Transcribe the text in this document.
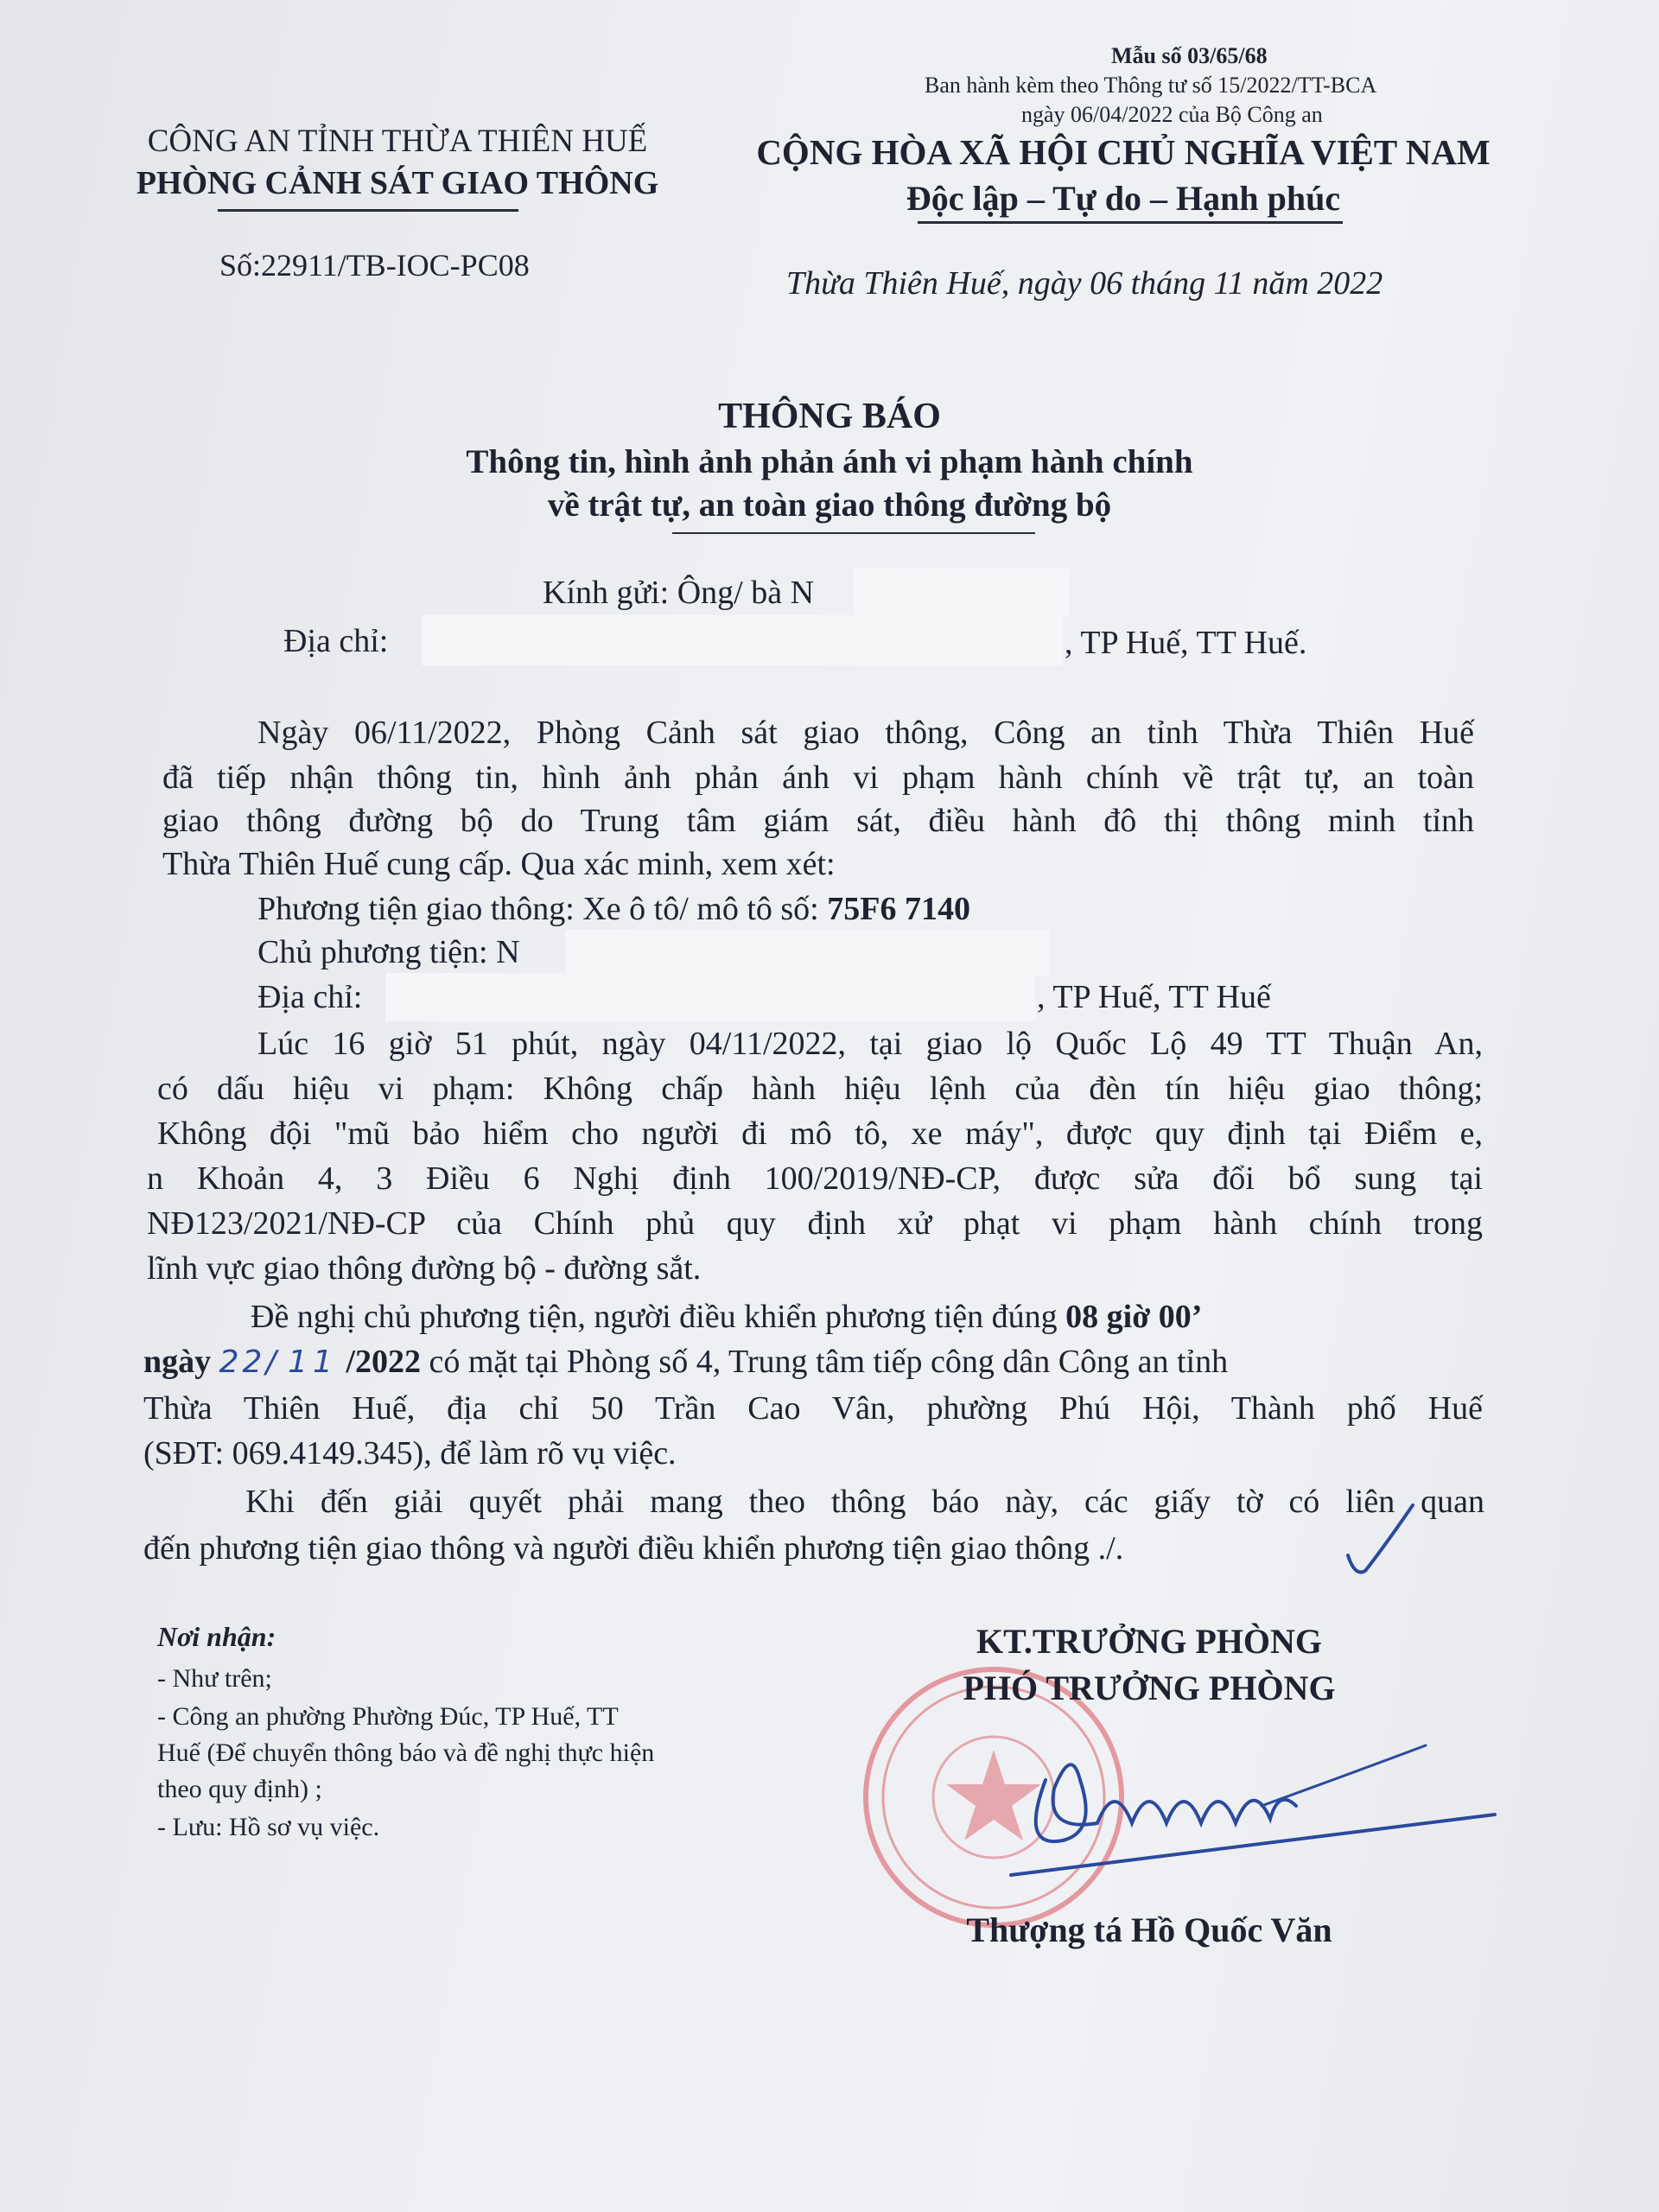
Mẫu số 03/65/68
Ban hành kèm theo Thông tư số 15/2022/TT-BCA
ngày 06/04/2022 của Bộ Công an
CÔNG AN TỈNH THỪA THIÊN HUẾ
PHÒNG CẢNH SÁT GIAO THÔNG
Số:22911/TB-IOC-PC08
CỘNG HÒA XÃ HỘI CHỦ NGHĨA VIỆT NAM
Độc lập – Tự do – Hạnh phúc
Thừa Thiên Huế, ngày 06 tháng 11 năm 2022
THÔNG BÁO
Thông tin, hình ảnh phản ánh vi phạm hành chính
về trật tự, an toàn giao thông đường bộ
Kính gửi: Ông/ bà N
Địa chỉ:	, TP Huế, TT Huế.
Ngày 06/11/2022, Phòng Cảnh sát giao thông, Công an tỉnh Thừa Thiên Huế
đã tiếp nhận thông tin, hình ảnh phản ánh vi phạm hành chính về trật tự, an toàn
giao thông đường bộ do Trung tâm giám sát, điều hành đô thị thông minh tỉnh
Thừa Thiên Huế cung cấp. Qua xác minh, xem xét:
Phương tiện giao thông: Xe ô tô/ mô tô số: 75F6 7140
Chủ phương tiện: N
Địa chỉ:	, TP Huế, TT Huế
Lúc 16 giờ 51 phút, ngày 04/11/2022, tại giao lộ Quốc Lộ 49 TT Thuận An,
có dấu hiệu vi phạm: Không chấp hành hiệu lệnh của đèn tín hiệu giao thông;
Không đội "mũ bảo hiểm cho người đi mô tô, xe máy", được quy định tại Điểm e,
n Khoản 4, 3 Điều 6 Nghị định 100/2019/NĐ-CP, được sửa đổi bổ sung tại
NĐ123/2021/NĐ-CP của Chính phủ quy định xử phạt vi phạm hành chính trong
lĩnh vực giao thông đường bộ - đường sắt.
Đề nghị chủ phương tiện, người điều khiển phương tiện đúng 08 giờ 00’
ngày 22/ 11 /2022 có mặt tại Phòng số 4, Trung tâm tiếp công dân Công an tỉnh
Thừa Thiên Huế, địa chỉ 50 Trần Cao Vân, phường Phú Hội, Thành phố Huế
(SĐT: 069.4149.345), để làm rõ vụ việc.
Khi đến giải quyết phải mang theo thông báo này, các giấy tờ có liên quan
đến phương tiện giao thông và người điều khiển phương tiện giao thông ./.
Nơi nhận:
- Như trên;
- Công an phường Phường Đúc, TP Huế, TT
Huế (Để chuyển thông báo và đề nghị thực hiện
theo quy định) ;
- Lưu: Hồ sơ vụ việc.
KT.TRƯỞNG PHÒNG
PHÓ TRƯỞNG PHÒNG
Thượng tá Hồ Quốc Văn
